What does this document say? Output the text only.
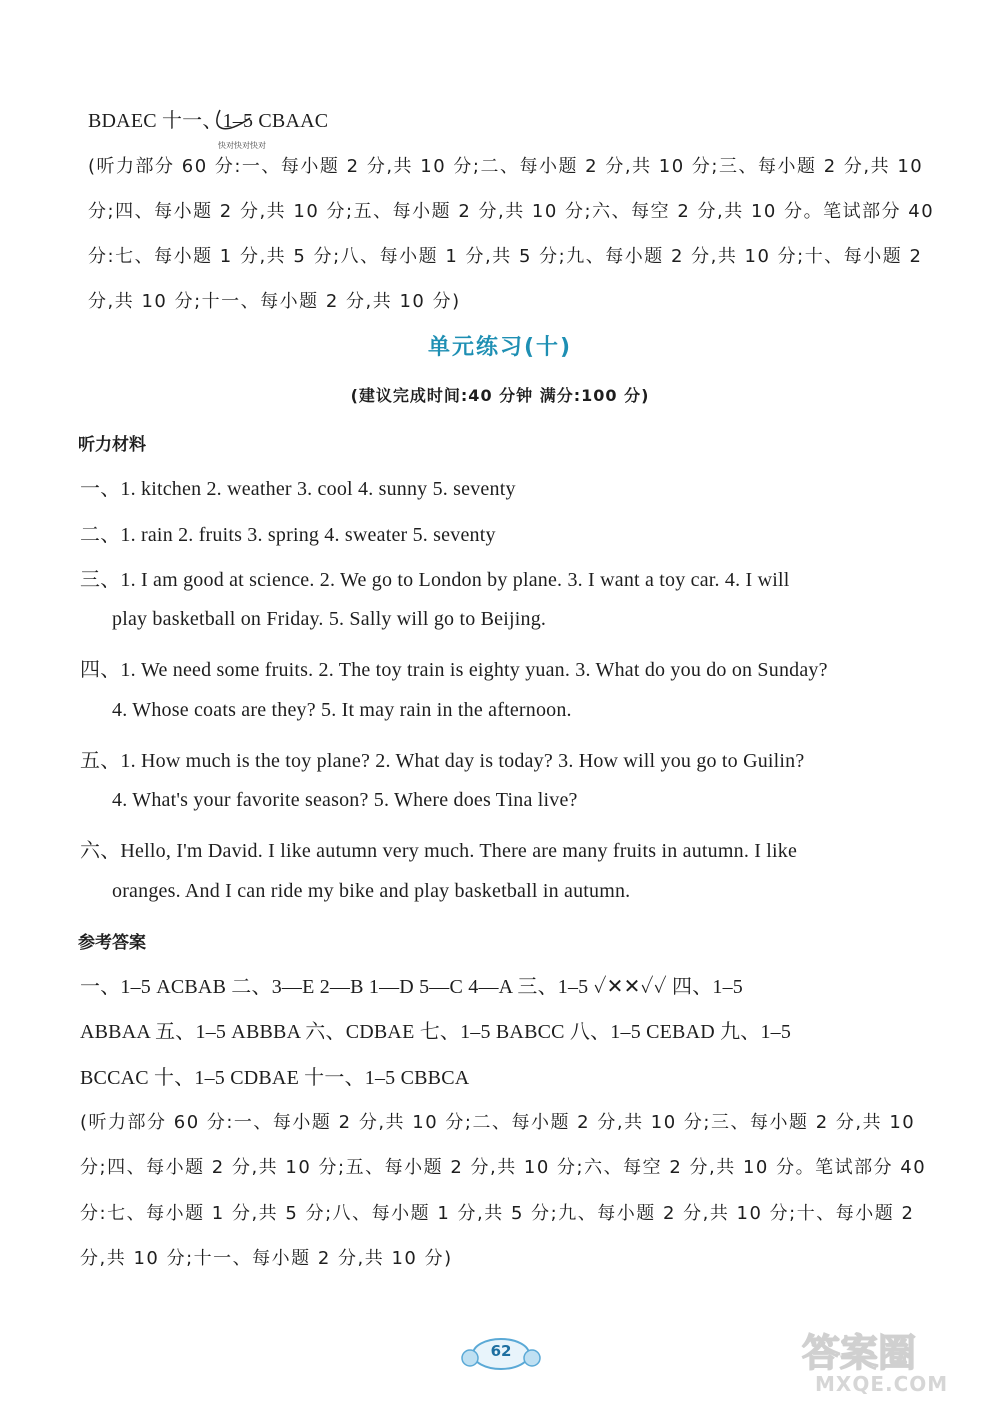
BDAEC 十一、1–5 CBAAC
快对快对快对
(听力部分 60 分:一、每小题 2 分,共 10 分;二、每小题 2 分,共 10 分;三、每小题 2 分,共 10
分;四、每小题 2 分,共 10 分;五、每小题 2 分,共 10 分;六、每空 2 分,共 10 分。笔试部分 40
分:七、每小题 1 分,共 5 分;八、每小题 1 分,共 5 分;九、每小题 2 分,共 10 分;十、每小题 2
分,共 10 分;十一、每小题 2 分,共 10 分)
单元练习(十)
(建议完成时间:40 分钟 满分:100 分)
听力材料
一、1. kitchen 2. weather 3. cool 4. sunny 5. seventy
二、1. rain 2. fruits 3. spring 4. sweater 5. seventy
三、1. I am good at science. 2. We go to London by plane. 3. I want a toy car. 4. I will
play basketball on Friday. 5. Sally will go to Beijing.
四、1. We need some fruits. 2. The toy train is eighty yuan. 3. What do you do on Sunday?
4. Whose coats are they? 5. It may rain in the afternoon.
五、1. How much is the toy plane? 2. What day is today? 3. How will you go to Guilin?
4. What's your favorite season? 5. Where does Tina live?
六、Hello, I'm David. I like autumn very much. There are many fruits in autumn. I like
oranges. And I can ride my bike and play basketball in autumn.
参考答案
一、1–5 ACBAB 二、3—E 2—B 1—D 5—C 4—A 三、1–5 ✓✕✕✓✓ 四、1–5
ABBAA 五、1–5 ABBBA 六、CDBAE 七、1–5 BABCC 八、1–5 CEBAD 九、1–5
BCCAC 十、1–5 CDBAE 十一、1–5 CBBCA
(听力部分 60 分:一、每小题 2 分,共 10 分;二、每小题 2 分,共 10 分;三、每小题 2 分,共 10
分;四、每小题 2 分,共 10 分;五、每小题 2 分,共 10 分;六、每空 2 分,共 10 分。笔试部分 40
分:七、每小题 1 分,共 5 分;八、每小题 1 分,共 5 分;九、每小题 2 分,共 10 分;十、每小题 2
分,共 10 分;十一、每小题 2 分,共 10 分)
62	答案圈
MXQE.COM
